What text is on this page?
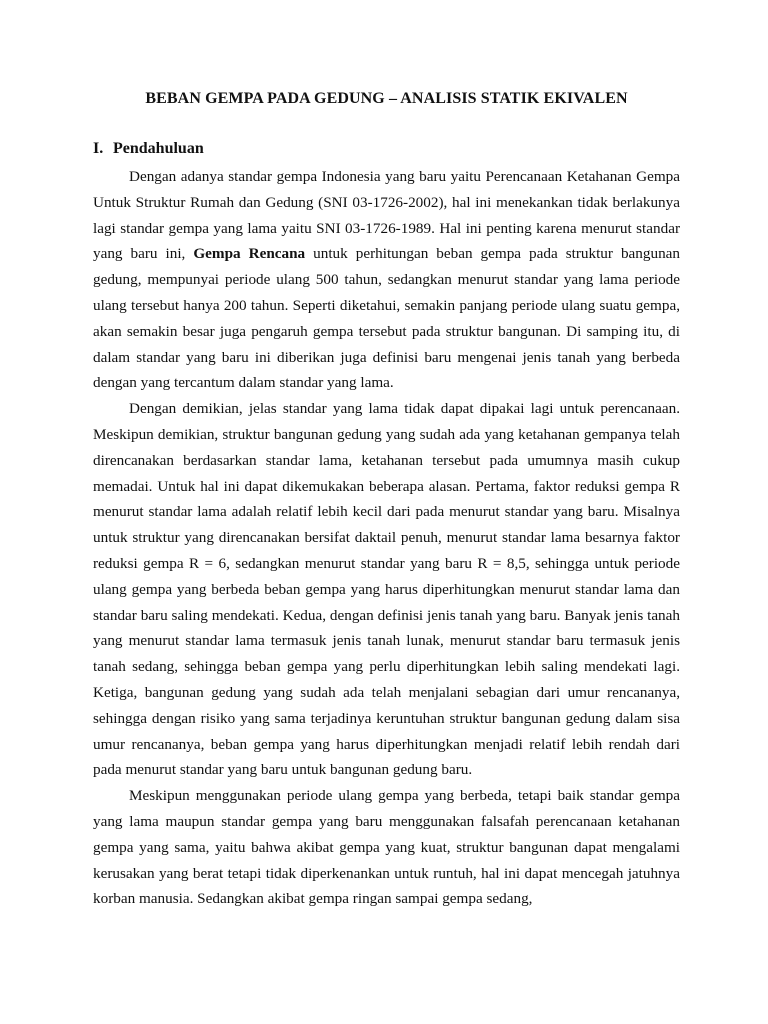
BEBAN GEMPA PADA GEDUNG – ANALISIS STATIK EKIVALEN
I. Pendahuluan

Dengan adanya standar gempa Indonesia yang baru yaitu Perencanaan Ketahanan Gempa Untuk Struktur Rumah dan Gedung (SNI 03-1726-2002), hal ini menekankan tidak berlakunya lagi standar gempa yang lama yaitu SNI 03-1726-1989. Hal ini penting karena menurut standar yang baru ini, Gempa Rencana untuk perhitungan beban gempa pada struktur bangunan gedung, mempunyai periode ulang 500 tahun, sedangkan menurut standar yang lama periode ulang tersebut hanya 200 tahun. Seperti diketahui, semakin panjang periode ulang suatu gempa, akan semakin besar juga pengaruh gempa tersebut pada struktur bangunan. Di samping itu, di dalam standar yang baru ini diberikan juga definisi baru mengenai jenis tanah yang berbeda dengan yang tercantum dalam standar yang lama.

Dengan demikian, jelas standar yang lama tidak dapat dipakai lagi untuk perencanaan. Meskipun demikian, struktur bangunan gedung yang sudah ada yang ketahanan gempanya telah direncanakan berdasarkan standar lama, ketahanan tersebut pada umumnya masih cukup memadai. Untuk hal ini dapat dikemukakan beberapa alasan. Pertama, faktor reduksi gempa R menurut standar lama adalah relatif lebih kecil dari pada menurut standar yang baru. Misalnya untuk struktur yang direncanakan bersifat daktail penuh, menurut standar lama besarnya faktor reduksi gempa R = 6, sedangkan menurut standar yang baru R = 8,5, sehingga untuk periode ulang gempa yang berbeda beban gempa yang harus diperhitungkan menurut standar lama dan standar baru saling mendekati. Kedua, dengan definisi jenis tanah yang baru. Banyak jenis tanah yang menurut standar lama termasuk jenis tanah lunak, menurut standar baru termasuk jenis tanah sedang, sehingga beban gempa yang perlu diperhitungkan lebih saling mendekati lagi. Ketiga, bangunan gedung yang sudah ada telah menjalani sebagian dari umur rencananya, sehingga dengan risiko yang sama terjadinya keruntuhan struktur bangunan gedung dalam sisa umur rencananya, beban gempa yang harus diperhitungkan menjadi relatif lebih rendah dari pada menurut standar yang baru untuk bangunan gedung baru.

Meskipun menggunakan periode ulang gempa yang berbeda, tetapi baik standar gempa yang lama maupun standar gempa yang baru menggunakan falsafah perencanaan ketahanan gempa yang sama, yaitu bahwa akibat gempa yang kuat, struktur bangunan dapat mengalami kerusakan yang berat tetapi tidak diperkenankan untuk runtuh, hal ini dapat mencegah jatuhnya korban manusia. Sedangkan akibat gempa ringan sampai gempa sedang,
